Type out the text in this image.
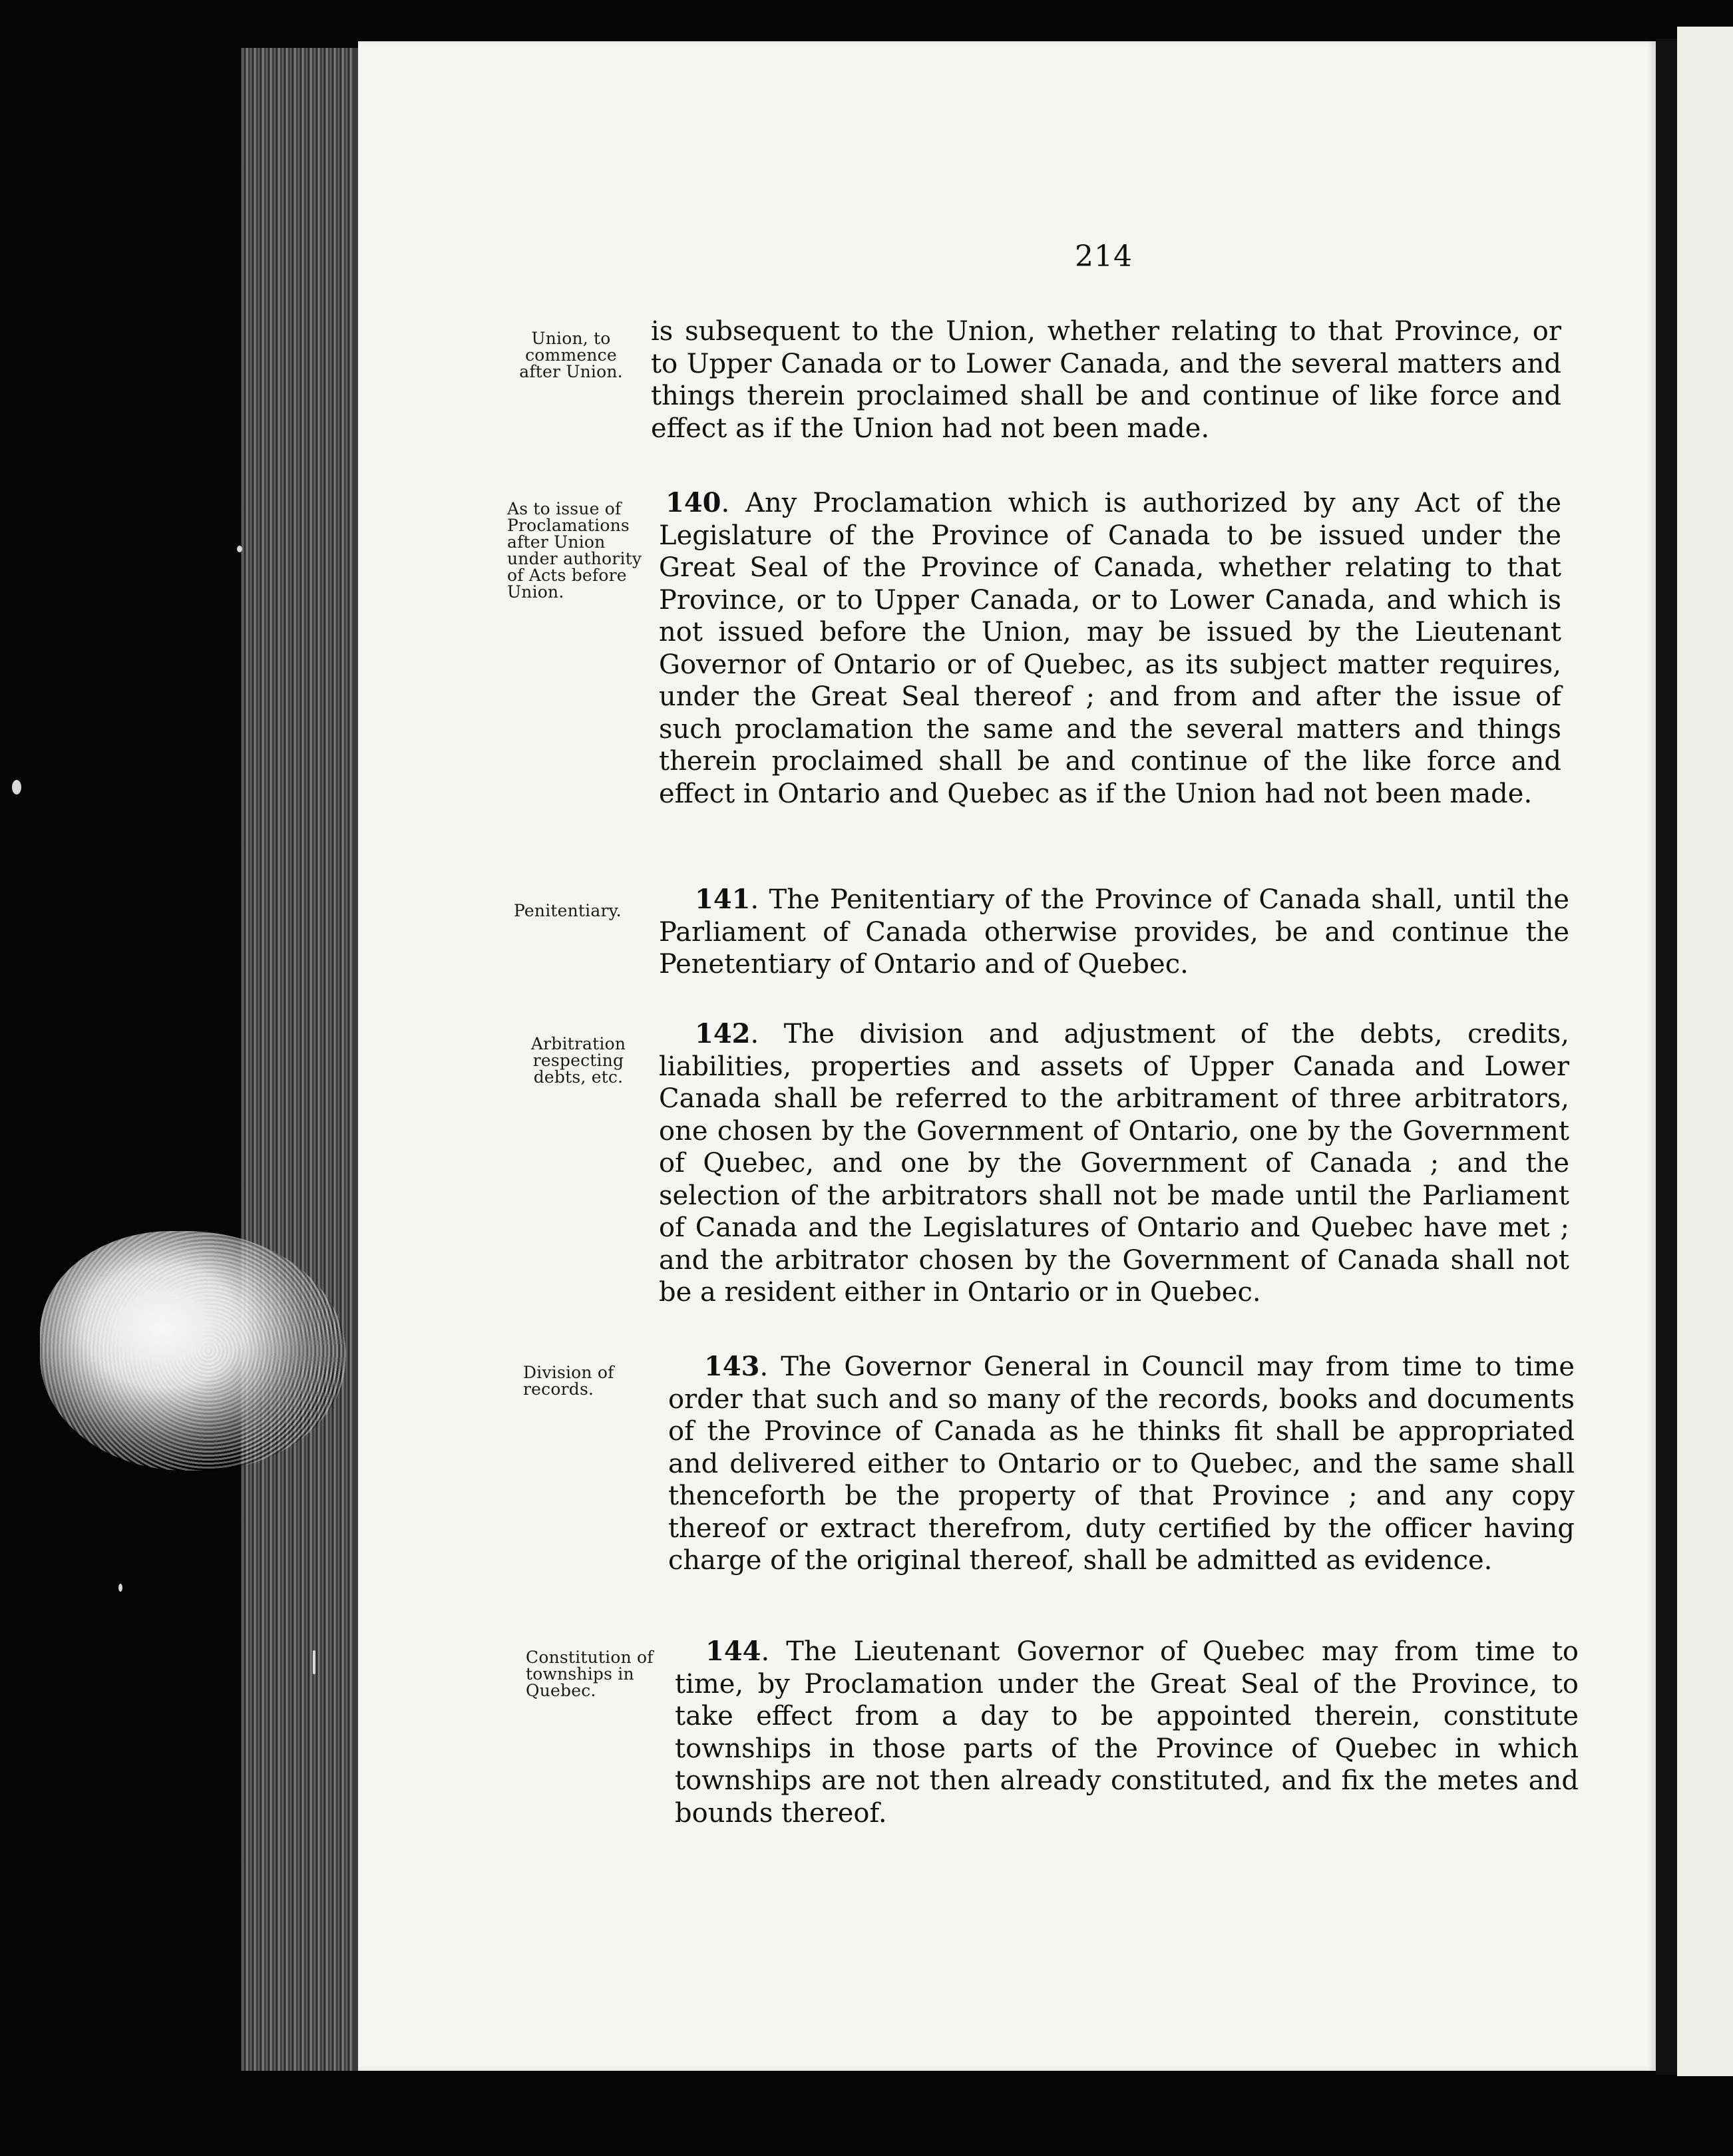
214
Union, to commence after Union.
is subsequent to the Union, whether relating to that Province, or to Upper Canada or to Lower Canada, and the several matters and things therein proclaimed shall be and continue of like force and effect as if the Union had not been made.
As to issue of Proclamations after Union under authority of Acts before Union.
140. Any Proclamation which is authorized by any Act of the Legislature of the Province of Canada to be issued under the Great Seal of the Province of Canada, whether relating to that Province, or to Upper Canada, or to Lower Canada, and which is not issued before the Union, may be issued by the Lieutenant Governor of Ontario or of Quebec, as its subject matter requires, under the Great Seal thereof ; and from and after the issue of such proclamation the same and the several matters and things therein proclaimed shall be and continue of the like force and effect in Ontario and Quebec as if the Union had not been made.
Penitentiary.	141. The Penitentiary of the Province of Canada shall, until the Parliament of Canada otherwise provides, be and continue the Penetentiary of Ontario and of Quebec.
Arbitration respecting debts, etc.
142. The division and adjustment of the debts, credits, liabilities, properties and assets of Upper Canada and Lower Canada shall be referred to the arbitrament of three arbitrators, one chosen by the Government of Ontario, one by the Government of Quebec, and one by the Government of Canada ; and the selection of the arbitrators shall not be made until the Parliament of Canada and the Legislatures of Ontario and Quebec have met ; and the arbitrator chosen by the Government of Canada shall not be a resident either in Ontario or in Quebec.
Division of records.
143. The Governor General in Council may from time to time order that such and so many of the records, books and documents of the Province of Canada as he thinks fit shall be appropriated and delivered either to Ontario or to Quebec, and the same shall thenceforth be the property of that Province ; and any copy thereof or extract therefrom, duty certified by the officer having charge of the original thereof, shall be admitted as evidence.
Constitution of townships in Quebec.
144. The Lieutenant Governor of Quebec may from time to time, by Proclamation under the Great Seal of the Province, to take effect from a day to be appointed therein, constitute townships in those parts of the Province of Quebec in which townships are not then already constituted, and fix the metes and bounds thereof.
